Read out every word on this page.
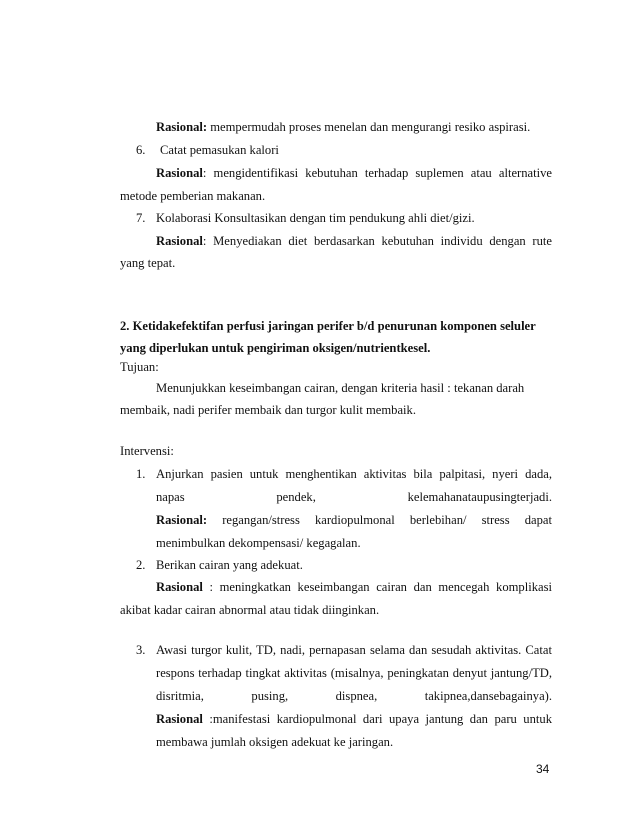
Rasional: mempermudah proses menelan dan mengurangi resiko aspirasi.
6. Catat pemasukan kalori
Rasional: mengidentifikasi kebutuhan terhadap suplemen atau alternative
metode pemberian makanan.
7. Kolaborasi Konsultasikan dengan tim pendukung ahli diet/gizi.
Rasional: Menyediakan diet berdasarkan kebutuhan individu dengan rute
yang tepat.
2. Ketidakefektifan perfusi jaringan perifer b/d penurunan komponen seluler
yang diperlukan untuk pengiriman oksigen/nutrientkesel.
Tujuan:
Menunjukkan keseimbangan cairan, dengan kriteria hasil : tekanan darah
membaik, nadi perifer membaik dan turgor kulit membaik.
Intervensi:
1. Anjurkan pasien untuk menghentikan aktivitas bila palpitasi, nyeri dada,
napas pendek, kelemahanataupusingterjadi.
Rasional: regangan/stress kardiopulmonal berlebihan/ stress dapat
menimbulkan dekompensasi/ kegagalan.
2. Berikan cairan yang adekuat.
Rasional : meningkatkan keseimbangan cairan dan mencegah komplikasi
akibat kadar cairan abnormal atau tidak diinginkan.
3. Awasi turgor kulit, TD, nadi, pernapasan selama dan sesudah aktivitas. Catat
respons terhadap tingkat aktivitas (misalnya, peningkatan denyut jantung/TD,
disritmia, pusing, dispnea, takipnea,dansebagainya).
Rasional :manifestasi kardiopulmonal dari upaya jantung dan paru untuk
membawa jumlah oksigen adekuat ke jaringan.
34
